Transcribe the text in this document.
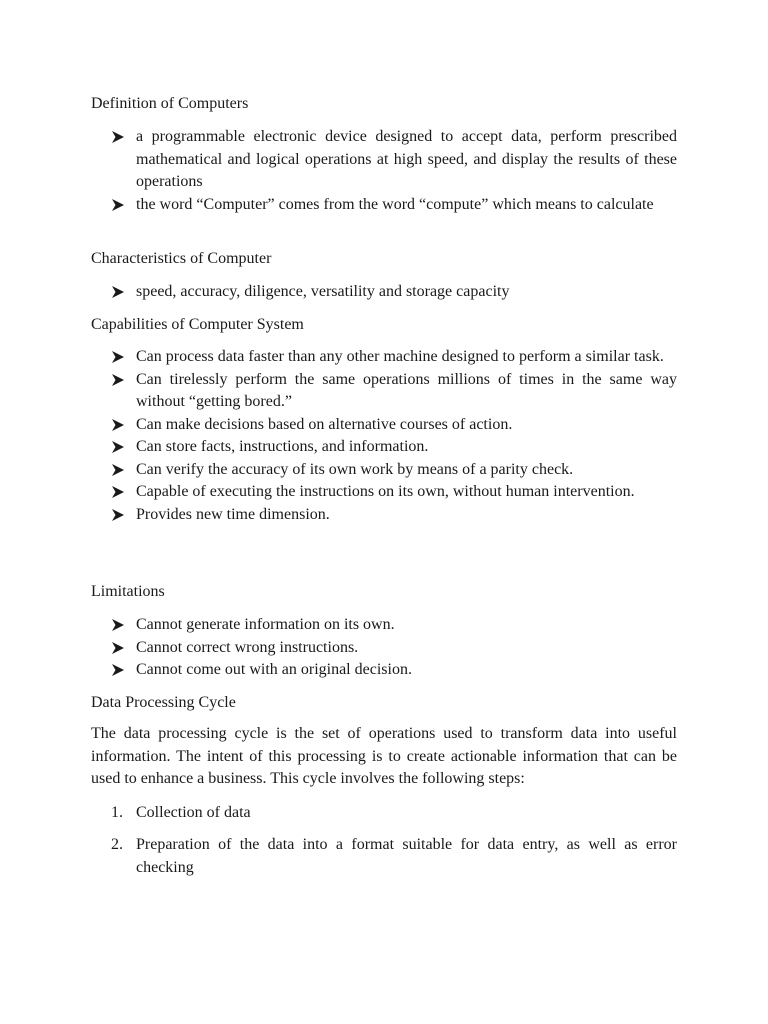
Definition of Computers

a programmable electronic device designed to accept data, perform prescribed mathematical and logical operations at high speed, and display the results of these operations
the word “Computer” comes from the word “compute” which means to calculate

Characteristics of Computer

speed, accuracy, diligence, versatility and storage capacity

Capabilities of Computer System

Can process data faster than any other machine designed to perform a similar task.
Can tirelessly perform the same operations millions of times in the same way without “getting bored.”
Can make decisions based on alternative courses of action.
Can store facts, instructions, and information.
Can verify the accuracy of its own work by means of a parity check.
Capable of executing the instructions on its own, without human intervention.
Provides new time dimension.

Limitations

Cannot generate information on its own.
Cannot correct wrong instructions.
Cannot come out with an original decision.

Data Processing Cycle

The data processing cycle is the set of operations used to transform data into useful information. The intent of this processing is to create actionable information that can be used to enhance a business. This cycle involves the following steps:

1. Collection of data
2. Preparation of the data into a format suitable for data entry, as well as error checking
